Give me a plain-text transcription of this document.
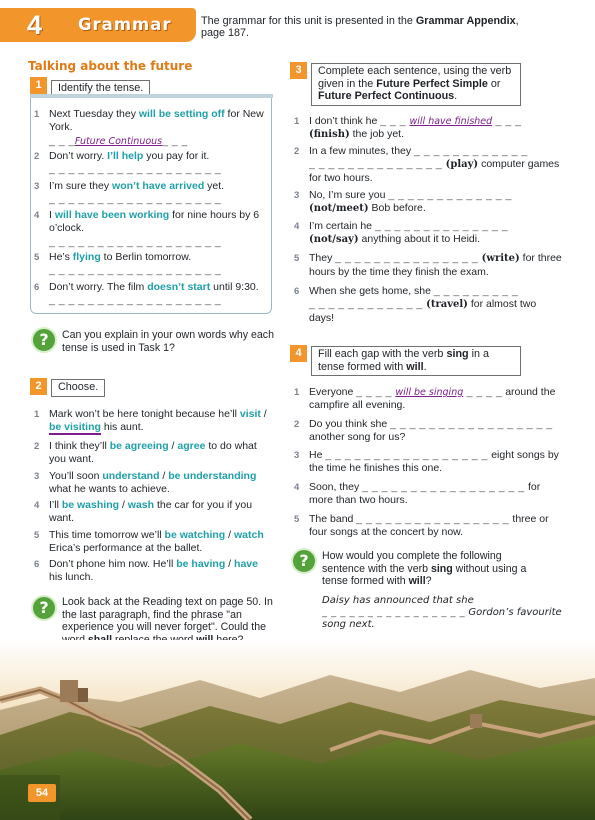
4 Grammar	The grammar for this unit is presented in the Grammar Appendix, page 187.
Talking about the future
1	Identify the tense.
1 Next Tuesday they will be setting off for New York.
_ _ _Future Continuous_ _ _
2 Don’t worry. I’ll help you pay for it.
_ _ _ _ _ _ _ _ _ _ _ _ _ _ _ _ _ _
3 I’m sure they won’t have arrived yet.
_ _ _ _ _ _ _ _ _ _ _ _ _ _ _ _ _ _
4 I will have been working for nine hours by 6 o’clock.
_ _ _ _ _ _ _ _ _ _ _ _ _ _ _ _ _ _
5 He’s flying to Berlin tomorrow.
_ _ _ _ _ _ _ _ _ _ _ _ _ _ _ _ _ _
6 Don’t worry. The film doesn’t start until 9:30.
_ _ _ _ _ _ _ _ _ _ _ _ _ _ _ _ _ _
?	Can you explain in your own words why each tense is used in Task 1?
2	Choose.
1 Mark won’t be here tonight because he’ll visit / be visiting his aunt.
2 I think they’ll be agreeing / agree to do what you want.
3 You’ll soon understand / be understanding what he wants to achieve.
4 I’ll be washing / wash the car for you if you want.
5 This time tomorrow we’ll be watching / watch Erica’s performance at the ballet.
6 Don’t phone him now. He’ll be having / have his lunch.
?	Look back at the Reading text on page 50. In the last paragraph, find the phrase "an experience you will never forget". Could the
3	Complete each sentence, using the verb given in the Future Perfect Simple or Future Perfect Continuous.
1 I don’t think he _ _ _ will have finished _ _ _
(finish) the job yet.
2 In a few minutes, they _ _ _ _ _ _ _ _ _ _ _ _
_ _ _ _ _ _ _ _ _ _ _ _ _ _ (play) computer games for two hours.
3 No, I’m sure you _ _ _ _ _ _ _ _ _ _ _ _ _
(not/meet) Bob before.
4 I’m certain he _ _ _ _ _ _ _ _ _ _ _ _ _ _
(not/say) anything about it to Heidi.
5 They _ _ _ _ _ _ _ _ _ _ _ _ _ _ _ (write) for three hours by the time they finish the exam.
6 When she gets home, she _ _ _ _ _ _ _ _ _
_ _ _ _ _ _ _ _ _ _ _ _ (travel) for almost two days!
4	Fill each gap with the verb sing in a tense formed with will.
1 Everyone _ _ _ _ will be singing _ _ _ _ around the campfire all evening.
2 Do you think she _ _ _ _ _ _ _ _ _ _ _ _ _ _ _ _ _ another song for us?
3 He _ _ _ _ _ _ _ _ _ _ _ _ _ _ _ _ _ eight songs by the time he finishes this one.
4 Soon, they _ _ _ _ _ _ _ _ _ _ _ _ _ _ _ _ _ for more than two hours.
5 The band _ _ _ _ _ _ _ _ _ _ _ _ _ _ _ _ three or four songs at the concert by now.
?	How would you complete the following sentence with the verb sing without using a tense formed with will?
Daisy has announced that she
_ _ _ _ _ _ _ _ _ _ _ _ _ _ _ _ Gordon’s favourite song next.
54
